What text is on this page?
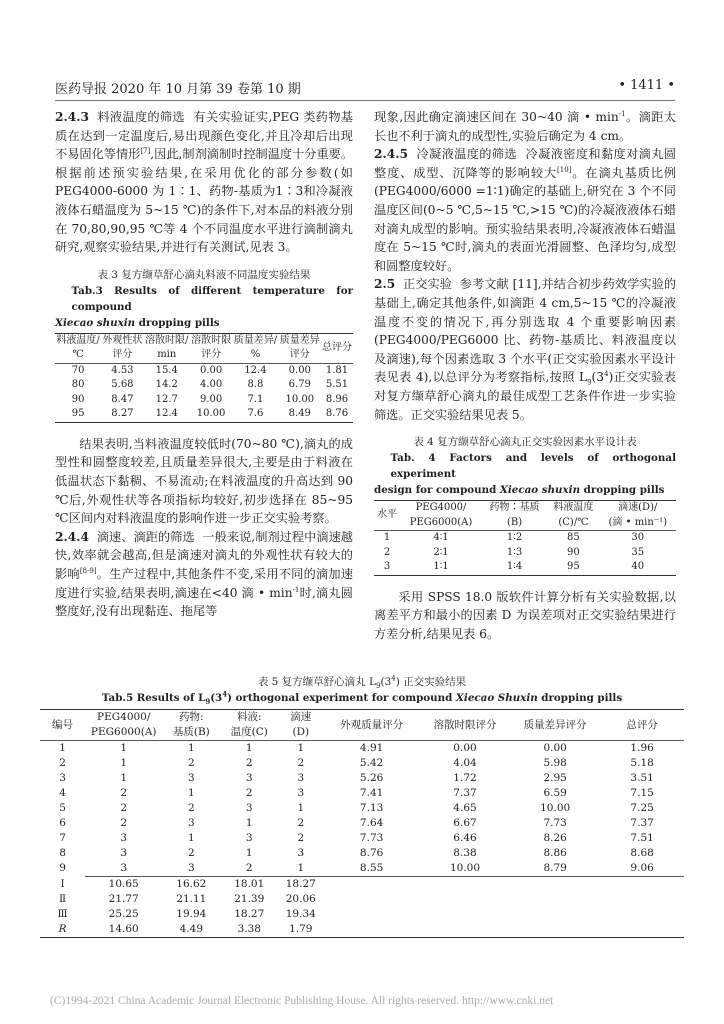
医药导报 2020 年 10 月第 39 卷第 10 期	• 1411 •

2.4.3 料液温度的筛选 有关实验证实,PEG 类药物基质在达到一定温度后,易出现颜色变化,并且冷却后出现不易固化等情形[7],因此,制剂滴制时控制温度十分重要。根据前述预实验结果,在采用优化的部分参数(如 PEG4000-6000 为 1∶1、药物-基质为1∶3和冷凝液液体石蜡温度为 5~15 ℃)的条件下,对本品的料液分别在 70,80,90,95 ℃等 4 个不同温度水平进行滴制滴丸研究,观察实验结果,并进行有关测试,见表 3。

表 3 复方缬草舒心滴丸料液不同温度实验结果
Tab.3 Results of different temperature for compound
Xiecao shuxin dropping pills
料液温度/	外观性状	溶散时限/	溶散时限	质量差异/	质量差异	总评分
℃	评分	min	评分	%	评分	
70	4.53	15.4	0.00	12.4	0.00	1.81
80	5.68	14.2	4.00	8.8	6.79	5.51
90	8.47	12.7	9.00	7.1	10.00	8.96
95	8.27	12.4	10.00	7.6	8.49	8.76

结果表明,当料液温度较低时(70~80 ℃),滴丸的成型性和圆整度较差,且质量差异很大,主要是由于料液在低温状态下黏稠、不易流动;在料液温度的升高达到 90 ℃后,外观性状等各项指标均较好,初步选择在 85~95 ℃区间内对料液温度的影响作进一步正交实验考察。

2.4.4 滴速、滴距的筛选 一般来说,制剂过程中滴速越快,效率就会越高,但是滴速对滴丸的外观性状有较大的影响[8-9]。生产过程中,其他条件不变,采用不同的滴加速度进行实验,结果表明,滴速在<40 滴 • $\min^{-1}$时,滴丸圆整度好,没有出现黏连、拖尾等

现象,因此确定滴速区间在 30~40 滴 • $\min^{-1}$。滴距太长也不利于滴丸的成型性,实验后确定为 4 cm。

2.4.5 冷凝液温度的筛选 冷凝液密度和黏度对滴丸圆整度、成型、沉降等的影响较大[10]。在滴丸基质比例(PEG4000/6000 =1∶1)确定的基础上,研究在 3 个不同温度区间(0~5 ℃,5~15 ℃,>15 ℃)的冷凝液液体石蜡对滴丸成型的影响。预实验结果表明,冷凝液液体石蜡温度在 5~15 ℃时,滴丸的表面光滑圆整、色泽均匀,成型和圆整度较好。

2.5 正交实验 参考文献 [11],并结合初步药效学实验的基础上,确定其他条件,如滴距 4 cm,5~15 ℃的冷凝液温度不变的情况下,再分别选取 4 个重要影响因素(PEG4000/PEG6000 比、药物-基质比、料液温度以及滴速),每个因素选取 3 个水平(正交实验因素水平设计表见表 4),以总评分为考察指标,按照 $L_9(3^4)$正交实验表对复方缬草舒心滴丸的最佳成型工艺条件作进一步实验筛选。正交实验结果见表 5。

表 4 复方缬草舒心滴丸正交实验因素水平设计表
Tab. 4 Factors and levels of orthogonal experiment
design for compound Xiecao shuxin dropping pills
水平	PEG4000/	药物∶基质	料液温度	滴速(D)/
	PEG6000(A)	(B)	(C)/℃	(滴 • min⁻¹)
1	4∶1	1∶2	85	30
2	2∶1	1∶3	90	35
3	1∶1	1∶4	95	40

采用 SPSS 18.0 版软件计算分析有关实验数据,以离差平方和最小的因素 D 为误差项对正交实验结果进行方差分析,结果见表 6。

表 5 复方缬草舒心滴丸 $L_9(3^4)$ 正交实验结果
Tab.5 Results of $L_9(3^4)$ orthogonal experiment for compound Xiecao Shuxin dropping pills
编号	PEG4000/	药物:	料液:	滴速	外观质量评分	溶散时限评分	质量差异评分	总评分
	PEG6000(A)	基质(B)	温度(C)	(D)				
1	1	1	1	1	4.91	0.00	0.00	1.96
2	1	2	2	2	5.42	4.04	5.98	5.18
3	1	3	3	3	5.26	1.72	2.95	3.51
4	2	1	2	3	7.41	7.37	6.59	7.15
5	2	2	3	1	7.13	4.65	10.00	7.25
6	2	3	1	2	7.64	6.67	7.73	7.37
7	3	1	3	2	7.73	6.46	8.26	7.51
8	3	2	1	3	8.76	8.38	8.86	8.68
9	3	3	2	1	8.55	10.00	8.79	9.06
Ⅰ	10.65	16.62	18.01	18.27				
Ⅱ	21.77	21.11	21.39	20.06				
Ⅲ	25.25	19.94	18.27	19.34				
R	14.60	4.49	3.38	1.79				
(C)1994-2021 China Academic Journal Electronic Publishing House. All rights reserved. http://www.cnki.net
